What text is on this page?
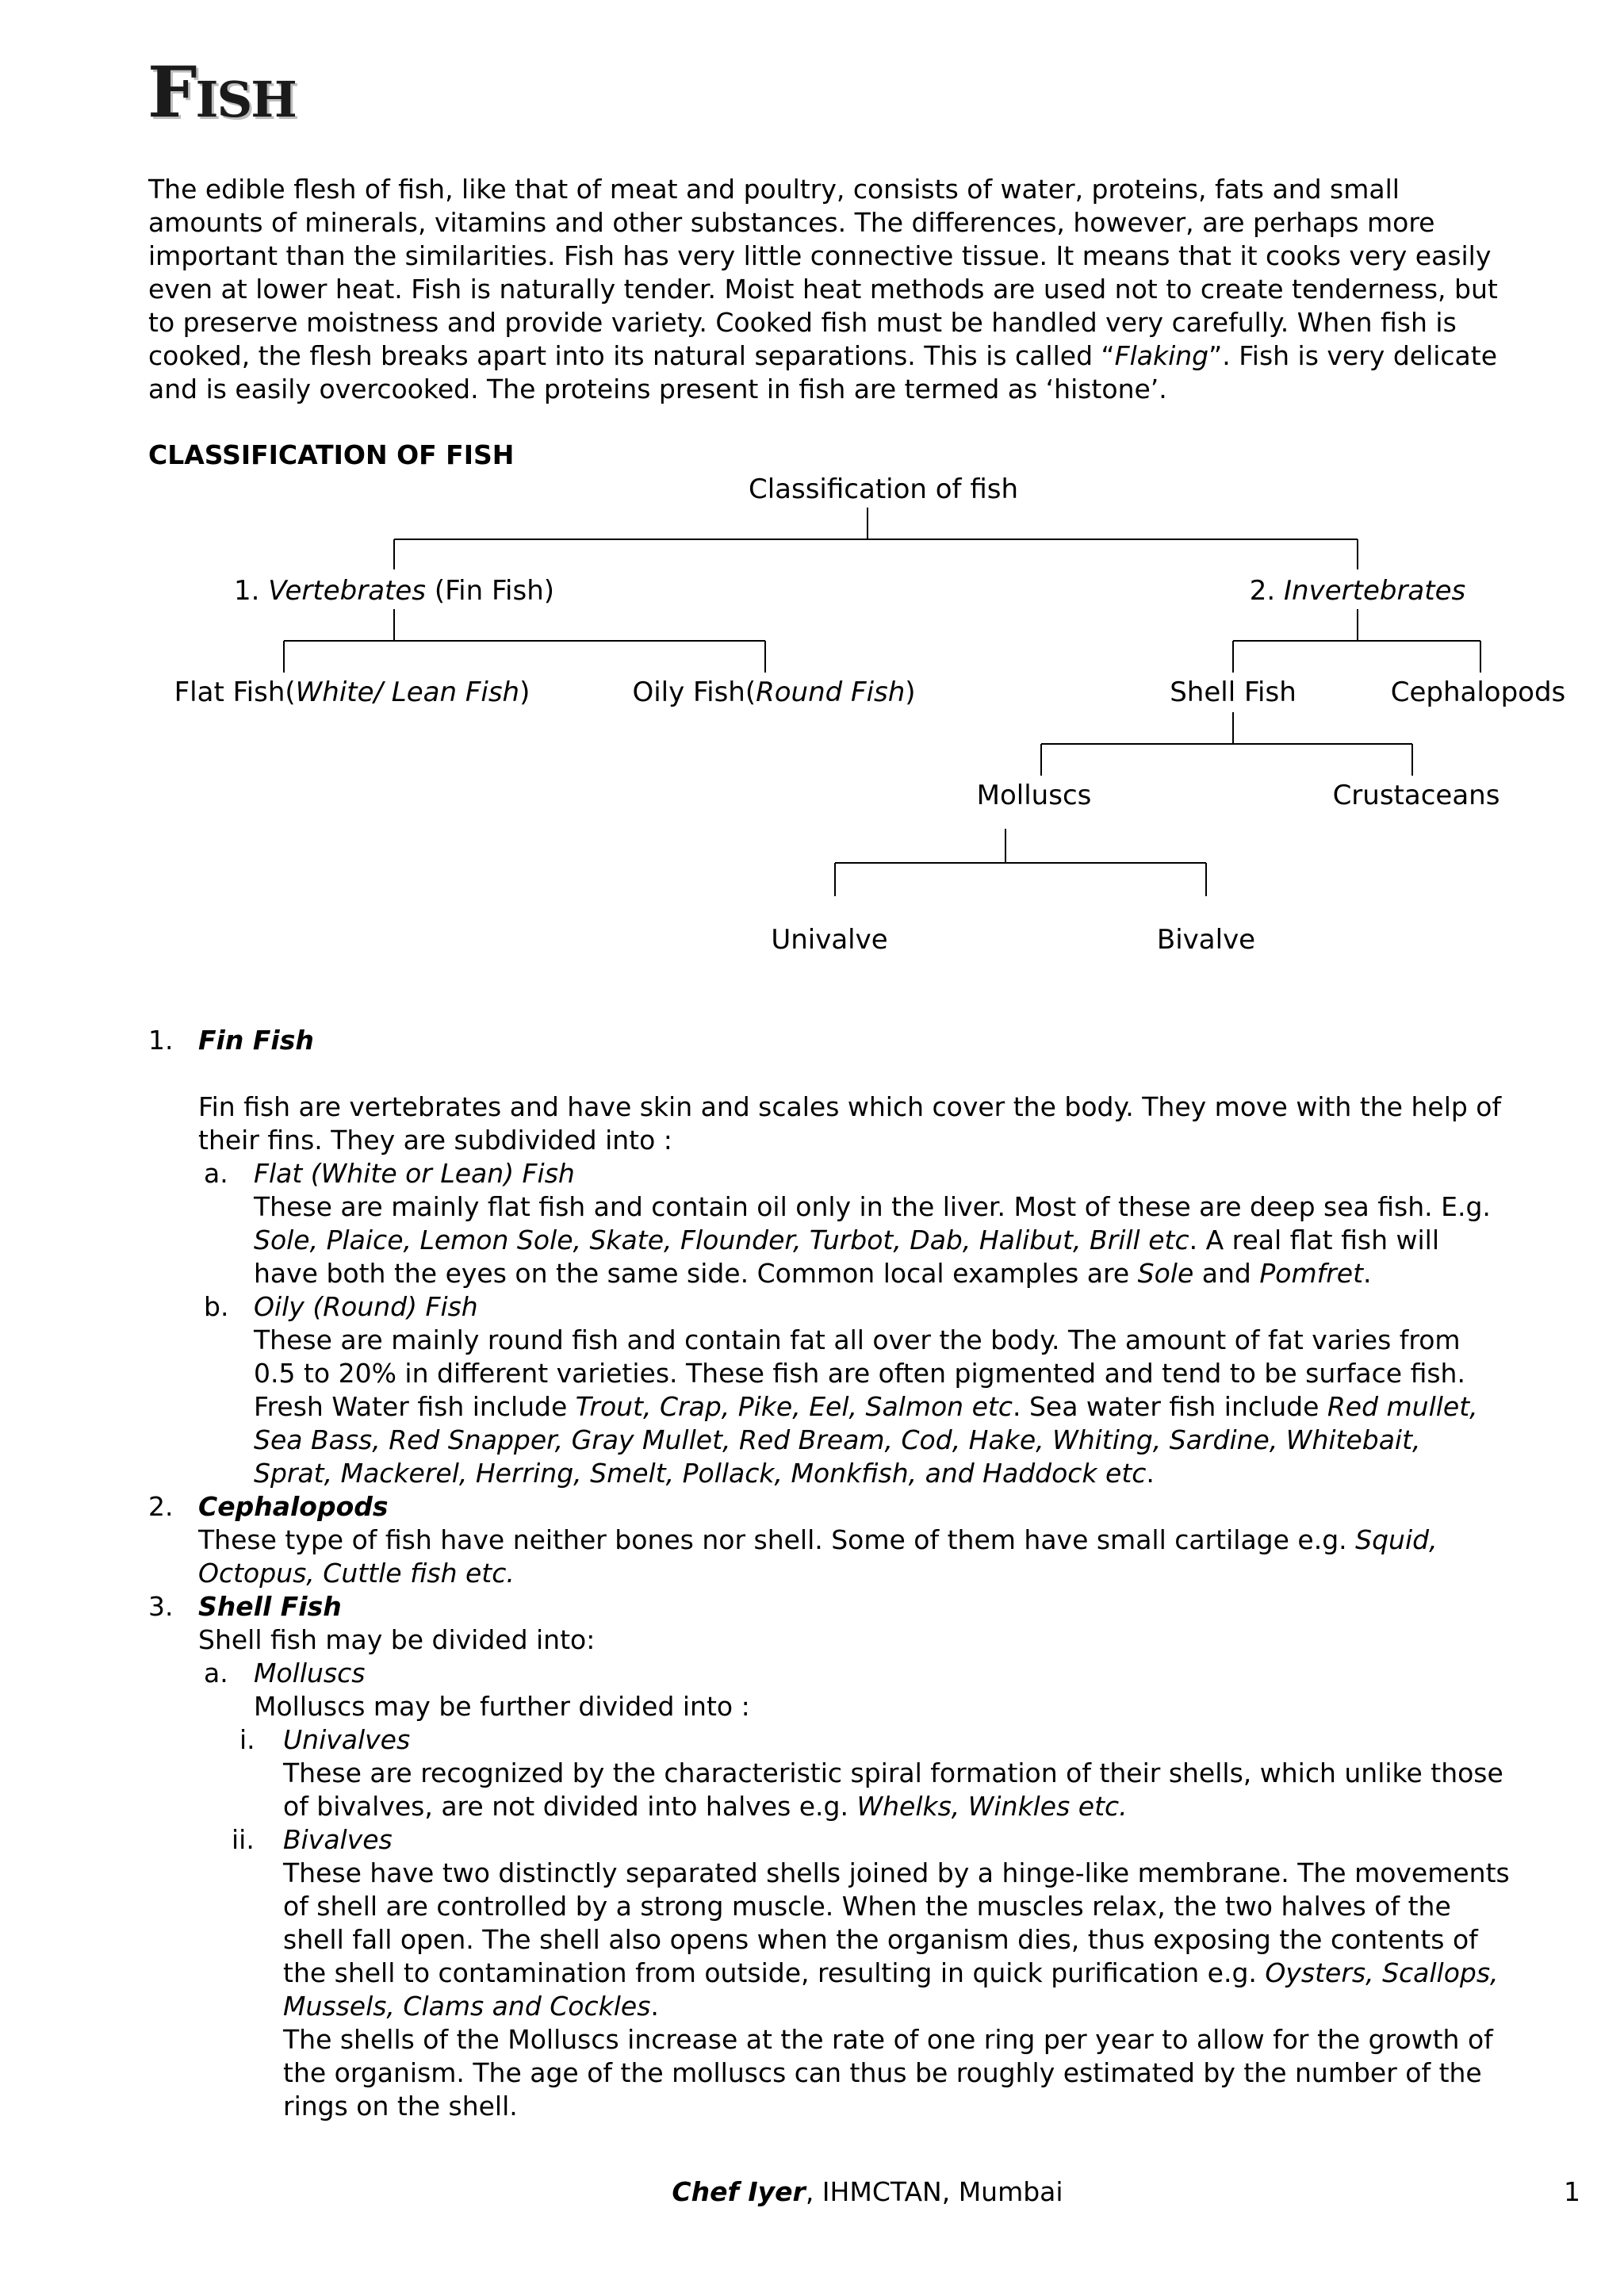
FISH

The edible flesh of fish, like that of meat and poultry, consists of water, proteins, fats and small

amounts of minerals, vitamins and other substances. The differences, however, are perhaps more

important than the similarities. Fish has very little connective tissue. It means that it cooks very easily

even at lower heat. Fish is naturally tender. Moist heat methods are used not to create tenderness, but

to preserve moistness and provide variety. Cooked fish must be handled very carefully. When fish is

cooked, the flesh breaks apart into its natural separations. This is called “Flaking”. Fish is very delicate

and is easily overcooked. The proteins present in fish are termed as ‘histone’.

CLASSIFICATION OF FISH
Classification of fish
1. Vertebrates (Fin Fish)	2. Invertebrates
Flat Fish(White/ Lean Fish)	Oily Fish(Round Fish)	Shell Fish	Cephalopods
Molluscs	Crustaceans
Univalve	Bivalve
1. Fin Fish

Fin fish are vertebrates and have skin and scales which cover the body. They move with the help of

their fins. They are subdivided into :

a. Flat (White or Lean) Fish

These are mainly flat fish and contain oil only in the liver. Most of these are deep sea fish. E.g.

Sole, Plaice, Lemon Sole, Skate, Flounder, Turbot, Dab, Halibut, Brill etc. A real flat fish will

have both the eyes on the same side. Common local examples are Sole and Pomfret.

b. Oily (Round) Fish

These are mainly round fish and contain fat all over the body. The amount of fat varies from

0.5 to 20% in different varieties. These fish are often pigmented and tend to be surface fish.

Fresh Water fish include Trout, Crap, Pike, Eel, Salmon etc. Sea water fish include Red mullet,

Sea Bass, Red Snapper, Gray Mullet, Red Bream, Cod, Hake, Whiting, Sardine, Whitebait,

Sprat, Mackerel, Herring, Smelt, Pollack, Monkfish, and Haddock etc.

2. Cephalopods

These type of fish have neither bones nor shell. Some of them have small cartilage e.g. Squid,

Octopus, Cuttle fish etc.

3. Shell Fish

Shell fish may be divided into:

a. Molluscs

Molluscs may be further divided into :

i. Univalves

These are recognized by the characteristic spiral formation of their shells, which unlike those

of bivalves, are not divided into halves e.g. Whelks, Winkles etc.

ii. Bivalves

These have two distinctly separated shells joined by a hinge-like membrane. The movements

of shell are controlled by a strong muscle. When the muscles relax, the two halves of the

shell fall open. The shell also opens when the organism dies, thus exposing the contents of

the shell to contamination from outside, resulting in quick purification e.g. Oysters, Scallops,

Mussels, Clams and Cockles.

The shells of the Molluscs increase at the rate of one ring per year to allow for the growth of

the organism. The age of the molluscs can thus be roughly estimated by the number of the

rings on the shell.

Chef Iyer, IHMCTAN, Mumbai	1
